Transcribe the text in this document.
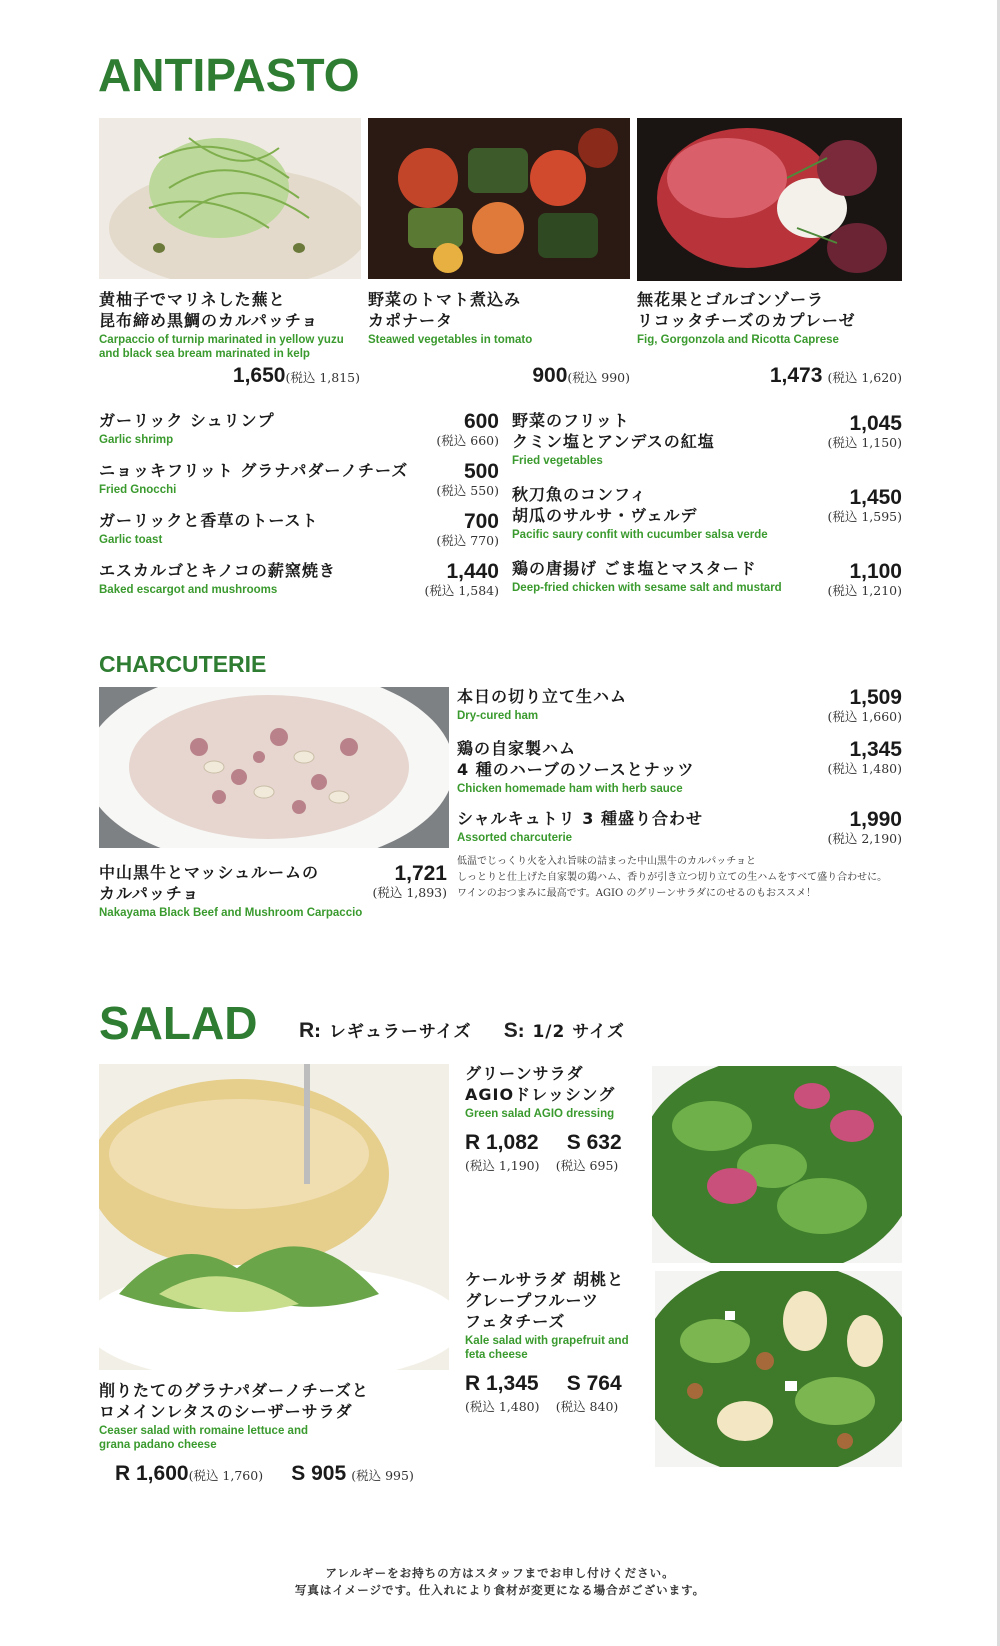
ANTIPASTO
黄柚子でマリネした蕪と
昆布締め黒鯛のカルパッチョ
Carpaccio of turnip marinated in yellow yuzu
and black sea bream marinated in kelp
野菜のトマト煮込み
カポナータ
Steawed vegetables in tomato
無花果とゴルゴンゾーラ
リコッタチーズのカプレーゼ
Fig, Gorgonzola and Ricotta Caprese
1,650(税込 1,815)	900(税込 990)	1,473 (税込 1,620)
ガーリック シュリンプ
Garlic shrimp
600
(税込 660)
ニョッキフリット グラナパダーノチーズ
Fried Gnocchi
500
(税込 550)
ガーリックと香草のトースト
Garlic toast
700
(税込 770)
エスカルゴとキノコの薪窯焼き
Baked escargot and mushrooms
1,440
(税込 1,584)
野菜のフリット
クミン塩とアンデスの紅塩
Fried vegetables
1,045
(税込 1,150)
秋刀魚のコンフィ
胡瓜のサルサ・ヴェルデ
Pacific saury confit with cucumber salsa verde
1,450
(税込 1,595)
鶏の唐揚げ ごま塩とマスタード
Deep-fried chicken with sesame salt and mustard
1,100
(税込 1,210)
CHARCUTERIE
中山黒牛とマッシュルームの
カルパッチョ
Nakayama Black Beef and Mushroom Carpaccio
1,721
(税込 1,893)
本日の切り立て生ハム
Dry-cured ham
1,509
(税込 1,660)
鶏の自家製ハム
4 種のハーブのソースとナッツ
Chicken homemade ham with herb sauce
1,345
(税込 1,480)
シャルキュトリ 3 種盛り合わせ
Assorted charcuterie
1,990
(税込 2,190)
低温でじっくり火を入れ旨味の詰まった中山黒牛のカルパッチョと
しっとりと仕上げた自家製の鶏ハム、香りが引き立つ切り立ての生ハムをすべて盛り合わせに。
ワインのおつまみに最高です。AGIO のグリーンサラダにのせるのもおススメ！
SALAD R: レギュラーサイズ S: 1/2 サイズ
削りたてのグラナパダーノチーズと
ロメインレタスのシーザーサラダ
Ceaser salad with romaine lettuce and
grana padano cheese
R 1,600(税込 1,760) S 905 (税込 995)
グリーンサラダ
AGIOドレッシング
Green salad AGIO dressing
R 1,082 S 632
(税込 1,190) (税込 695)
ケールサラダ 胡桃と
グレープフルーツ
フェタチーズ
Kale salad with grapefruit and
feta cheese
R 1,345 S 764
(税込 1,480) (税込 840)
アレルギーをお持ちの方はスタッフまでお申し付けください。
写真はイメージです。仕入れにより食材が変更になる場合がございます。
